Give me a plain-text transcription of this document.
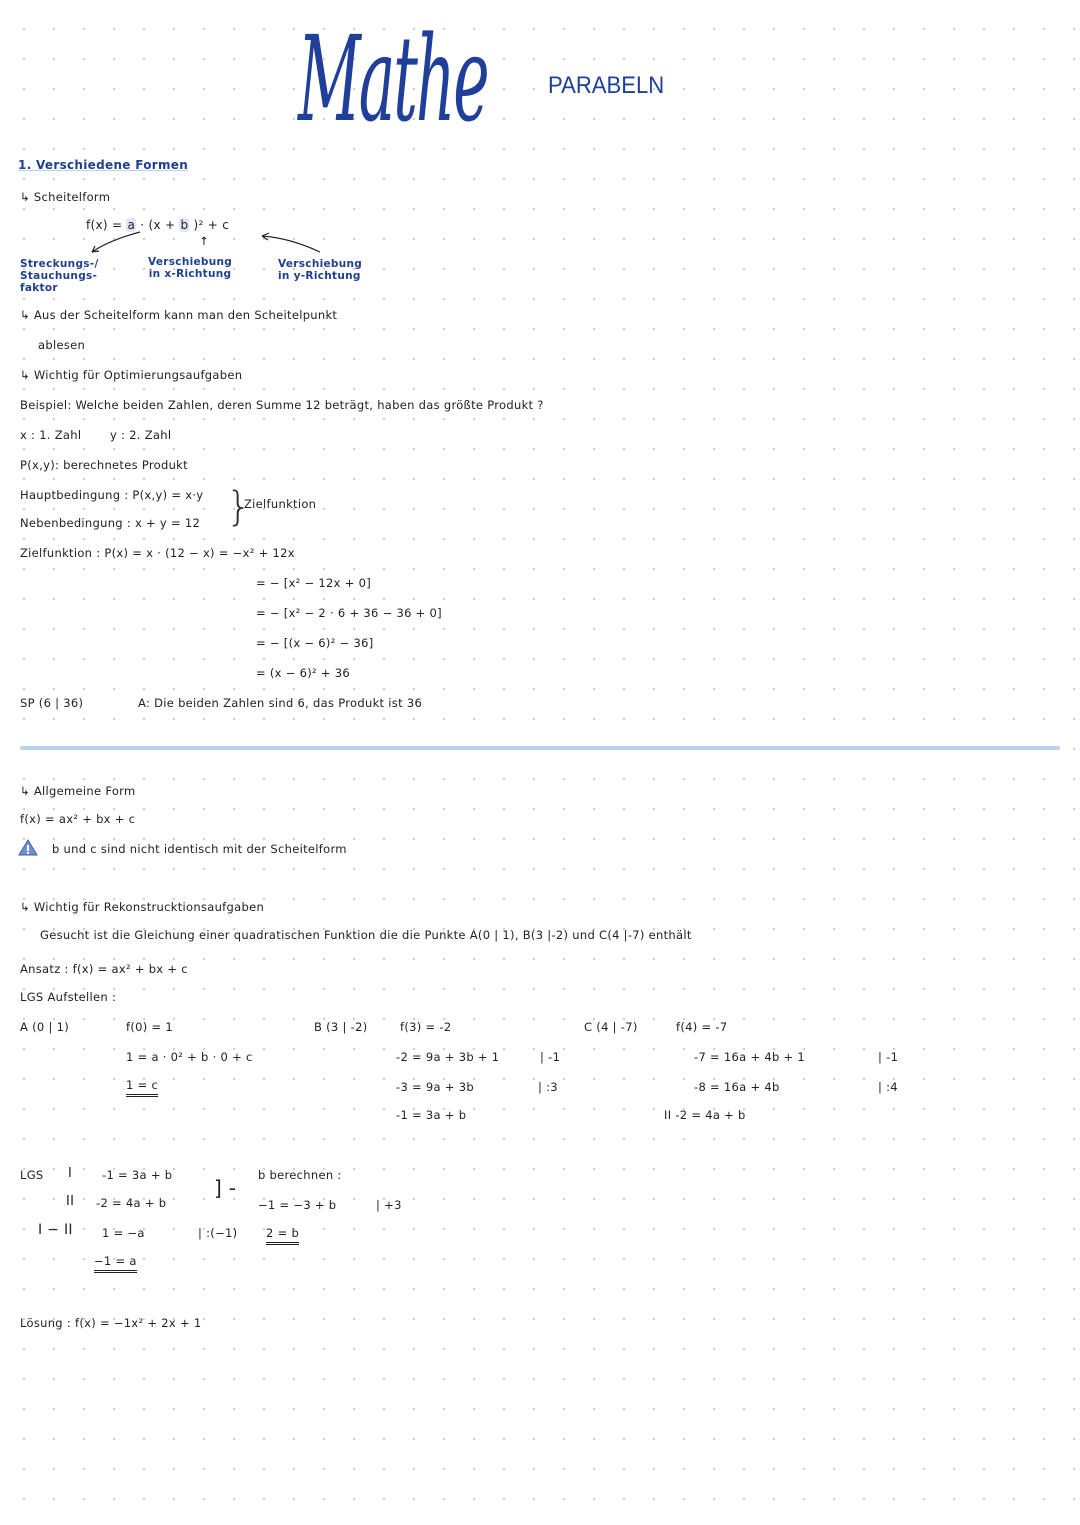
Mathe	PARABELN
1. Verschiedene Formen
↳ Scheitelform
f(x) = a · (x + b )² + c
↑
Streckungs-/
Stauchungs-
faktor
Verschiebung
in x-Richtung
Verschiebung
in y-Richtung
↳ Aus der Scheitelform kann man den Scheitelpunkt
ablesen
↳ Wichtig für Optimierungsaufgaben
Beispiel: Welche beiden Zahlen, deren Summe 12 beträgt, haben das größte Produkt ?
x : 1. Zahl y : 2. Zahl
P(x,y): berechnetes Produkt
Hauptbedingung : P(x,y) = x·y
Nebenbedingung : x + y = 12 }
Zielfunktion
Zielfunktion : P(x) = x · (12 − x) = −x² + 12x
= − [x² − 12x + 0]
= − [x² − 2 · 6 + 36 − 36 + 0]
= − [(x − 6)² − 36]
= (x − 6)² + 36
SP (6 | 36)	A: Die beiden Zahlen sind 6, das Produkt ist 36
↳ Allgemeine Form
f(x) = ax² + bx + c
b und c sind nicht identisch mit der Scheitelform
↳ Wichtig für Rekonstrucktionsaufgaben
Gesucht ist die Gleichung einer quadratischen Funktion die die Punkte A(0 | 1), B(3 |-2) und C(4 |-7) enthält
Ansatz : f(x) = ax² + bx + c
LGS Aufstellen :
A (0 | 1)	f(0) = 1
1 = a · 0² + b · 0 + c
1 = c
B (3 | -2)	f(3) = -2
-2 = 9a + 3b + 1	| -1
-3 = 9a + 3b	| :3
-1 = 3a + b
C (4 | -7)	f(4) = -7
-7 = 16a + 4b + 1	| -1
-8 = 16a + 4b	| :4
II -2 = 4a + b
LGS I	-1 = 3a + b
II -2 = 4a + b
] -
I − II	1 = −a	| :(−1)
−1 = a
b berechnen :
−1 = −3 + b	| +3
2 = b
Lösung : f(x) = −1x² + 2x + 1
